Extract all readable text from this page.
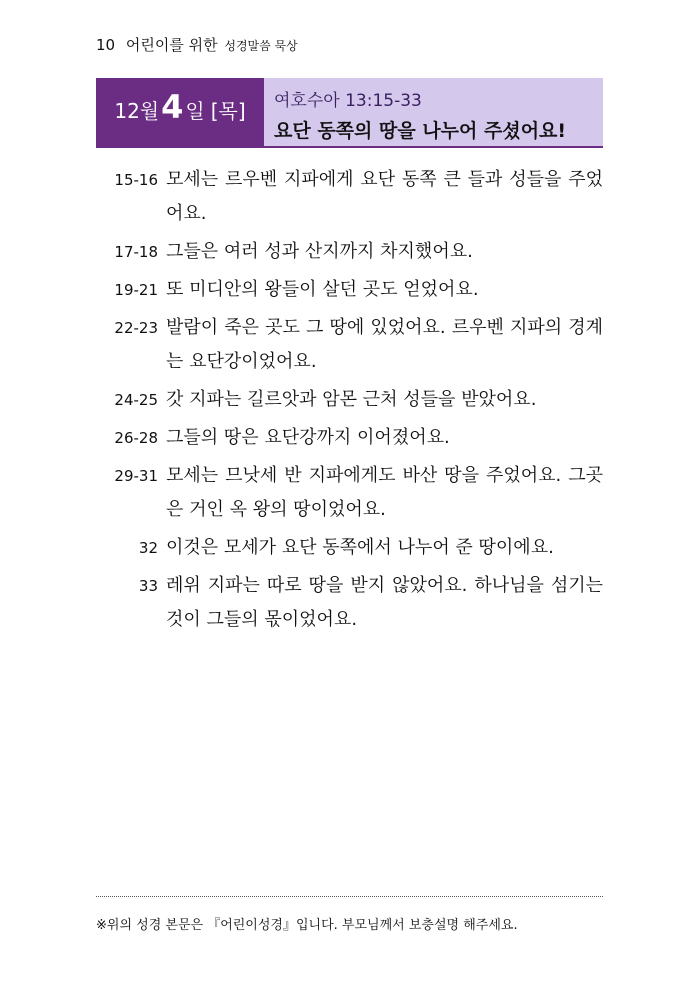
10 어린이를 위한 성경말씀 묵상
12월 4 일 [목] 여호수아 13:15-33
요단 동쪽의 땅을 나누어 주셨어요!
15-16 모세는 르우벤 지파에게 요단 동쪽 큰 들과 성들을 주었어요.
17-18 그들은 여러 성과 산지까지 차지했어요.
19-21 또 미디안의 왕들이 살던 곳도 얻었어요.
22-23 발람이 죽은 곳도 그 땅에 있었어요. 르우벤 지파의 경계는 요단강이었어요.
24-25 갓 지파는 길르앗과 암몬 근처 성들을 받았어요.
26-28 그들의 땅은 요단강까지 이어졌어요.
29-31 모세는 므낫세 반 지파에게도 바산 땅을 주었어요. 그곳은 거인 옥 왕의 땅이었어요.
32 이것은 모세가 요단 동쪽에서 나누어 준 땅이에요.
33 레위 지파는 따로 땅을 받지 않았어요. 하나님을 섬기는 것이 그들의 몫이었어요.
※위의 성경 본문은 『어린이성경』입니다. 부모님께서 보충설명 해주세요.
